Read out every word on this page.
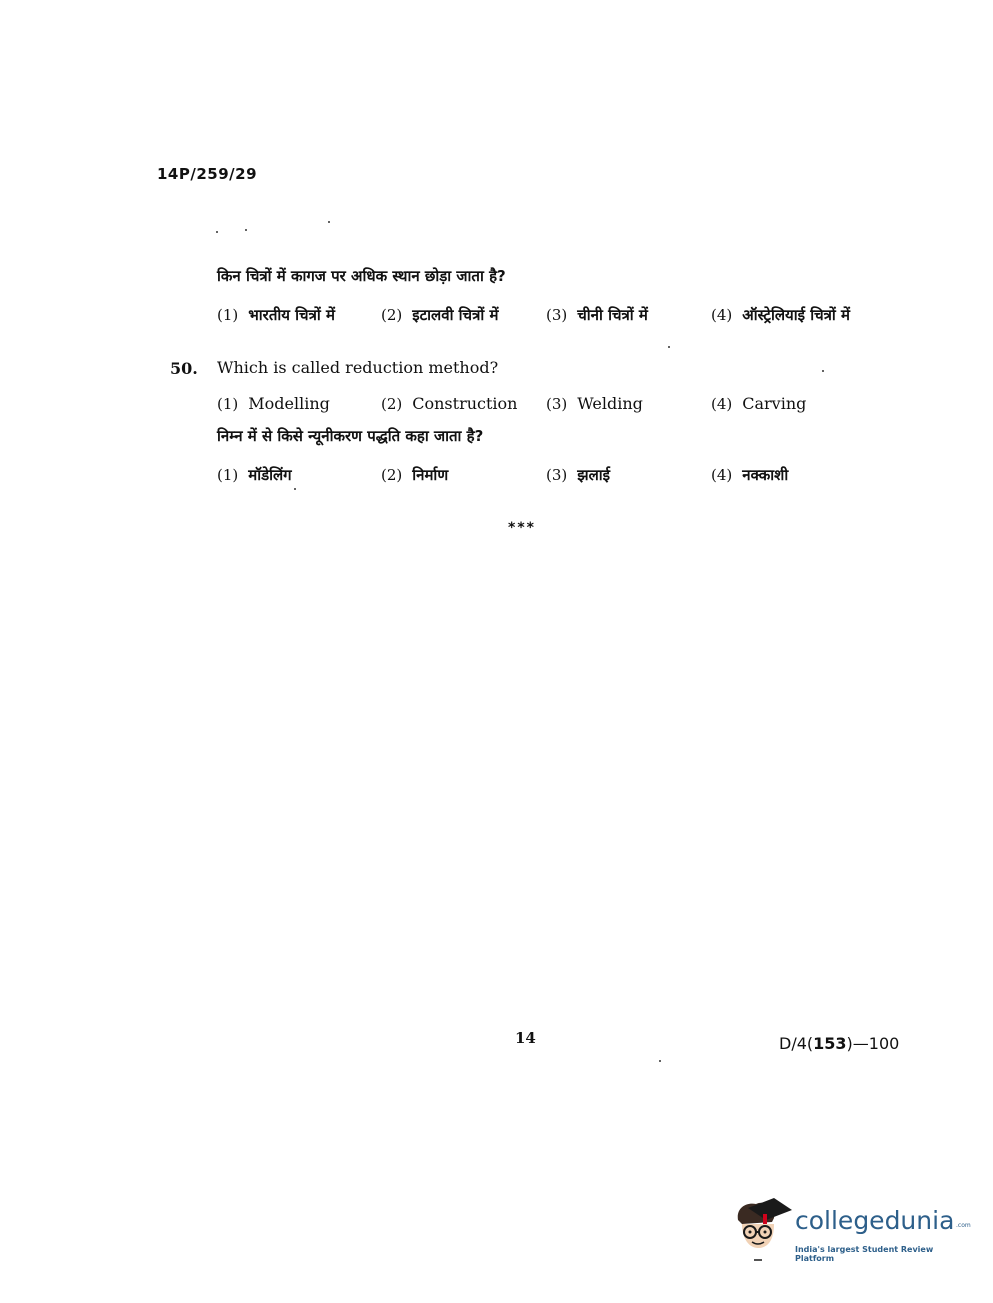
14P/259/29
किन चित्रों में कागज पर अधिक स्थान छोड़ा जाता है?
(1) भारतीय चित्रों में	(2) इटालवी चित्रों में	(3) चीनी चित्रों में	(4) ऑस्ट्रेलियाई चित्रों में
50. Which is called reduction method?
(1) Modelling	(2) Construction (3) Welding	(4) Carving
निम्न में से किसे न्यूनीकरण पद्धति कहा जाता है?
(1) मॉडेलिंग	(2) निर्माण	(3) झलाई	(4) नक्काशी
***
14	D/4(153)—100
collegedunia .com
India's largest Student Review Platform
